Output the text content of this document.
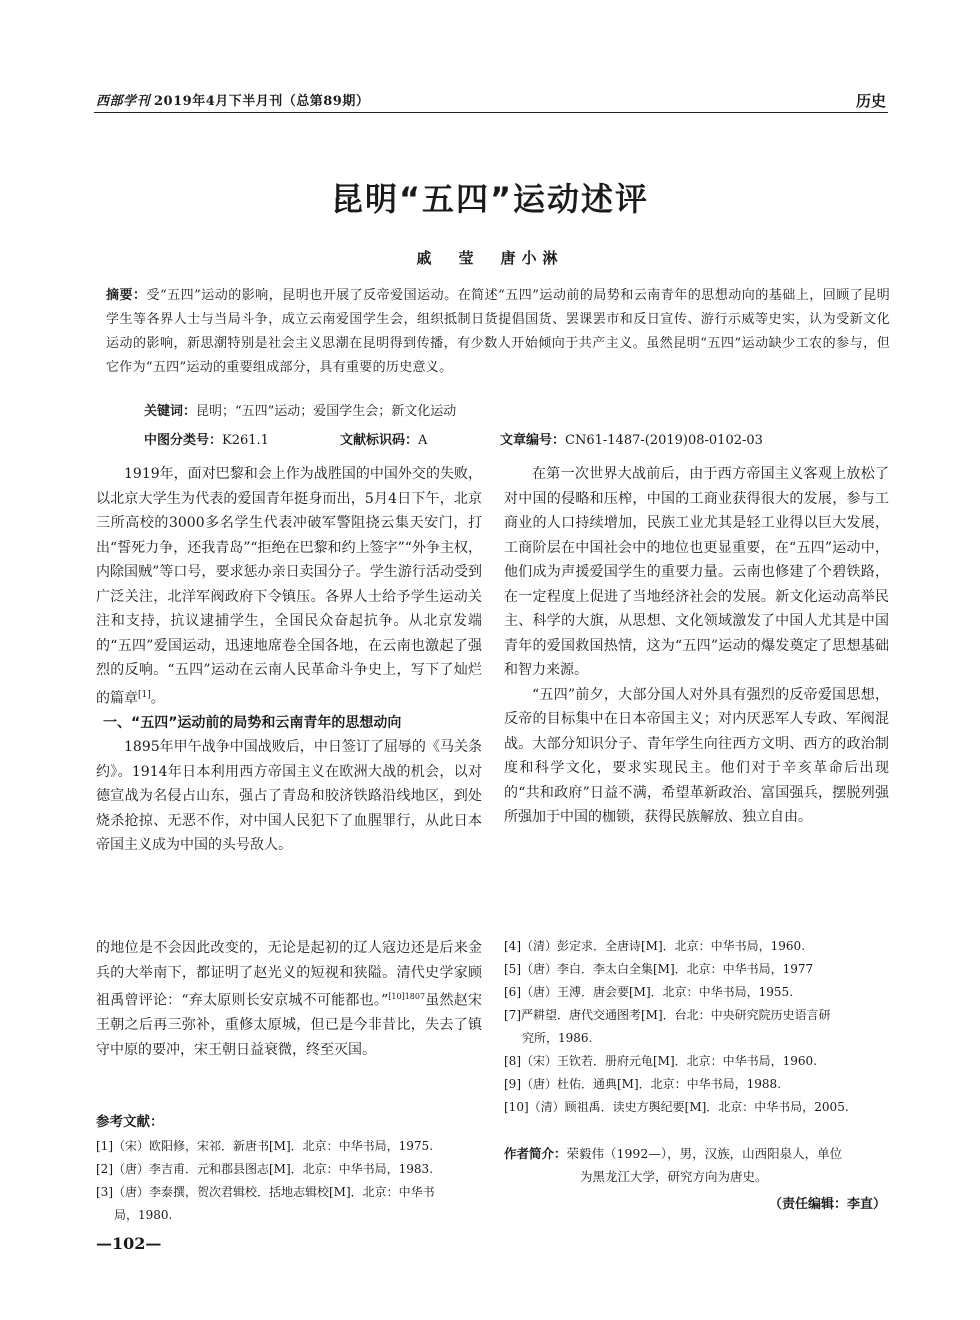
西部学刊 2019年4月下半月刊（总第89期）	历史
昆明“五四”运动述评
戚　莹　唐小淋
摘要：受“五四”运动的影响，昆明也开展了反帝爱国运动。在简述“五四”运动前的局势和云南青年的思想动向的基础上，回顾了昆明学生等各界人士与当局斗争，成立云南爱国学生会，组织抵制日货提倡国货、罢课罢市和反日宣传、游行示威等史实，认为受新文化运动的影响，新思潮特别是社会主义思潮在昆明得到传播，有少数人开始倾向于共产主义。虽然昆明“五四”运动缺少工农的参与，但它作为“五四”运动的重要组成部分，具有重要的历史意义。
关键词：昆明；“五四”运动；爱国学生会；新文化运动
中图分类号：K261.1	文献标识码：A	文章编号：CN61-1487-(2019)08-0102-03

1919年，面对巴黎和会上作为战胜国的中国外交的失败，以北京大学生为代表的爱国青年挺身而出，5月4日下午，北京三所高校的3000多名学生代表冲破军警阻挠云集天安门，打出“誓死力争，还我青岛”“拒绝在巴黎和约上签字”“外争主权，内除国贼”等口号，要求惩办亲日卖国分子。学生游行活动受到广泛关注，北洋军阀政府下令镇压。各界人士给予学生运动关注和支持，抗议逮捕学生，全国民众奋起抗争。从北京发端的“五四”爱国运动，迅速地席卷全国各地，在云南也激起了强烈的反响。“五四”运动在云南人民革命斗争史上，写下了灿烂的篇章[1]。

一、“五四”运动前的局势和云南青年的思想动向

1895年甲午战争中国战败后，中日签订了屈辱的《马关条约》。1914年日本利用西方帝国主义在欧洲大战的机会，以对德宣战为名侵占山东，强占了青岛和胶济铁路沿线地区，到处烧杀抢掠、无恶不作，对中国人民犯下了血腥罪行，从此日本帝国主义成为中国的头号敌人。

在第一次世界大战前后，由于西方帝国主义客观上放松了对中国的侵略和压榨，中国的工商业获得很大的发展，参与工商业的人口持续增加，民族工业尤其是轻工业得以巨大发展，工商阶层在中国社会中的地位也更显重要，在“五四”运动中，他们成为声援爱国学生的重要力量。云南也修建了个碧铁路，在一定程度上促进了当地经济社会的发展。新文化运动高举民主、科学的大旗，从思想、文化领域激发了中国人尤其是中国青年的爱国救国热情，这为“五四”运动的爆发奠定了思想基础和智力来源。

“五四”前夕，大部分国人对外具有强烈的反帝爱国思想，反帝的目标集中在日本帝国主义；对内厌恶军人专政、军阀混战。大部分知识分子、青年学生向往西方文明、西方的政治制度和科学文化，要求实现民主。他们对于辛亥革命后出现的“共和政府”日益不满，希望革新政治、富国强兵，摆脱列强所强加于中国的枷锁，获得民族解放、独立自由。

的地位是不会因此改变的，无论是起初的辽人寇边还是后来金兵的大举南下，都证明了赵光义的短视和狭隘。清代史学家顾祖禹曾评论：“弃太原则长安京城不可能都也。”$^{[10]1807}$虽然赵宋王朝之后再三弥补，重修太原城，但已是今非昔比，失去了镇守中原的要冲，宋王朝日益衰微，终至灭国。

参考文献：
[1]（宋）欧阳修，宋祁．新唐书[M]．北京：中华书局，1975.
[2]（唐）李吉甫．元和郡县图志[M]．北京：中华书局，1983.
[3]（唐）李泰撰，贺次君辑校．括地志辑校[M]．北京：中华书
局，1980.
[4]（清）彭定求．全唐诗[M]．北京：中华书局，1960.
[5]（唐）李白．李太白全集[M]．北京：中华书局，1977
[6]（唐）王溥．唐会要[M]．北京：中华书局，1955.
[7]严耕望．唐代交通图考[M]．台北：中央研究院历史语言研
究所，1986.
[8]（宋）王钦若．册府元龟[M]．北京：中华书局，1960.
[9]（唐）杜佑．通典[M]．北京：中华书局，1988.
[10]（清）顾祖禹．读史方舆纪要[M]．北京：中华书局，2005.
作者简介：荣毅伟（1992—），男，汉族，山西阳泉人，单位
为黑龙江大学，研究方向为唐史。
（责任编辑：李直）
—102—
